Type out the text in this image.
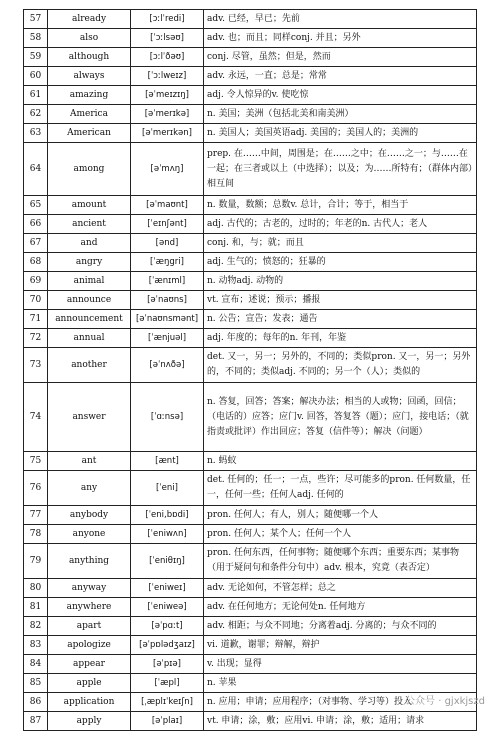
57	already	[ɔːlˈredi]	adv. 已经，早已；先前
58	also	[ˈɔːlsəʊ]	adv. 也；而且；同样conj. 并且；另外
59	although	[ɔːlˈðəʊ]	conj. 尽管，虽然；但是，然而
60	always	[ˈɔːlweɪz]	adv. 永远，一直；总是；常常
61	amazing	[əˈmeɪzɪŋ]	adj. 令人惊异的v. 使吃惊
62	America	[əˈmerɪkə]	n. 美国；美洲（包括北美和南美洲）
63	American	[əˈmerɪkən]	n. 美国人；美国英语adj. 美国的；美国人的；美洲的
64	among	[əˈmʌŋ]	prep. 在……中间，周围是；在……之中；在……之一；与……在一起；在三者或以上（中选择）；以及；为……所特有；（群体内部）相互间
65	amount	[əˈmaʊnt]	n. 数量，数额；总数v. 总计，合计；等于，相当于
66	ancient	[ˈeɪnʃənt]	adj. 古代的；古老的，过时的；年老的n. 古代人；老人
67	and	[ənd]	conj. 和，与；就；而且
68	angry	[ˈæŋgri]	adj. 生气的；愤怒的；狂暴的
69	animal	[ˈænɪml]	n. 动物adj. 动物的
70	announce	[əˈnaʊns]	vt. 宣布；述说；预示；播报
71	announcement	[əˈnaʊnsmənt]	n. 公告；宣告；发表；通告
72	annual	[ˈænjuəl]	adj. 年度的；每年的n. 年刊，年鉴
73	another	[əˈnʌðə]	det. 又一，另一；另外的，不同的；类似pron. 又一，另一；另外的，不同的；类似adj. 不同的；另一个（人）；类似的
74	answer	[ˈɑːnsə]	n. 答复，回答；答案；解决办法；相当的人或物；回函，回信；（电话的）应答；应门v. 回答，答复答（题）；应门，接电话；（就指责或批评）作出回应；答复（信件等）；解决（问题）
75	ant	[ænt]	n. 蚂蚁
76	any	[ˈeni]	det. 任何的；任一；一点，些许；尽可能多的pron. 任何数量，任一，任何一些；任何人adj. 任何的
77	anybody	[ˈeni,bɒdi]	pron. 任何人；有人，别人；随便哪一个人
78	anyone	[ˈeniwʌn]	pron. 任何人；某个人；任何一个人
79	anything	[ˈeniθɪŋ]	pron. 任何东西，任何事物；随便哪个东西；重要东西；某事物（用于疑问句和条件分句中）adv. 根本，究竟（表否定）
80	anyway	[ˈeniweɪ]	adv. 无论如何，不管怎样；总之
81	anywhere	[ˈeniweə]	adv. 在任何地方；无论何处n. 任何地方
82	apart	[əˈpɑːt]	adv. 相距；与众不同地；分离着adj. 分离的；与众不同的
83	apologize	[əˈpɒlədʒaɪz]	vi. 道歉，谢罪；辩解，辩护
84	appear	[əˈpɪə]	v. 出现；显得
85	apple	[ˈæpl]	n. 苹果
86	application	[ˌæplɪˈkeɪʃn]	n. 应用；申请；应用程序；（对事物、学习等）投入
87	apply	[əˈplaɪ]	vt. 申请；涂，敷；应用vi. 申请；涂，敷；适用；请求
公众号 · gjxkjszd
